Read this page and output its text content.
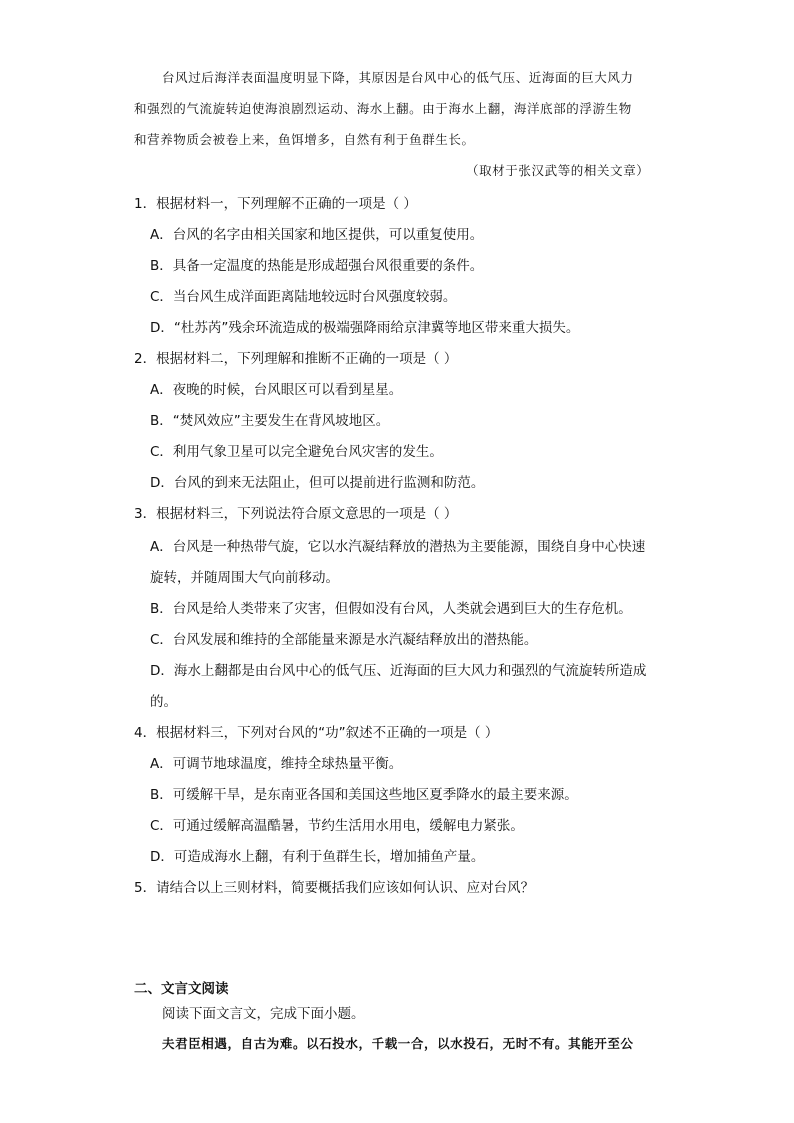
台风过后海洋表面温度明显下降，其原因是台风中心的低气压、近海面的巨大风力
和强烈的气流旋转迫使海浪剧烈运动、海水上翻。由于海水上翻，海洋底部的浮游生物
和营养物质会被卷上来，鱼饵增多，自然有利于鱼群生长。
（取材于张汉武等的相关文章）
1．根据材料一，下列理解不正确的一项是（ ）
A．台风的名字由相关国家和地区提供，可以重复使用。
B．具备一定温度的热能是形成超强台风很重要的条件。
C．当台风生成洋面距离陆地较远时台风强度较弱。
D．“杜苏芮”残余环流造成的极端强降雨给京津冀等地区带来重大损失。
2．根据材料二，下列理解和推断不正确的一项是（ ）
A．夜晚的时候，台风眼区可以看到星星。
B．“焚风效应”主要发生在背风坡地区。
C．利用气象卫星可以完全避免台风灾害的发生。
D．台风的到来无法阻止，但可以提前进行监测和防范。
3．根据材料三，下列说法符合原文意思的一项是（ ）
A．台风是一种热带气旋，它以水汽凝结释放的潜热为主要能源，围绕自身中心快速
旋转，并随周围大气向前移动。
B．台风是给人类带来了灾害，但假如没有台风，人类就会遇到巨大的生存危机。
C．台风发展和维持的全部能量来源是水汽凝结释放出的潜热能。
D．海水上翻都是由台风中心的低气压、近海面的巨大风力和强烈的气流旋转所造成
的。
4．根据材料三，下列对台风的“功”叙述不正确的一项是（ ）
A．可调节地球温度，维持全球热量平衡。
B．可缓解干旱，是东南亚各国和美国这些地区夏季降水的最主要来源。
C．可通过缓解高温酷暑，节约生活用水用电，缓解电力紧张。
D．可造成海水上翻，有利于鱼群生长，增加捕鱼产量。
5．请结合以上三则材料，简要概括我们应该如何认识、应对台风？
二、文言文阅读
阅读下面文言文，完成下面小题。
夫君臣相遇，自古为难。以石投水，千载一合，以水投石，无时不有。其能开至公
